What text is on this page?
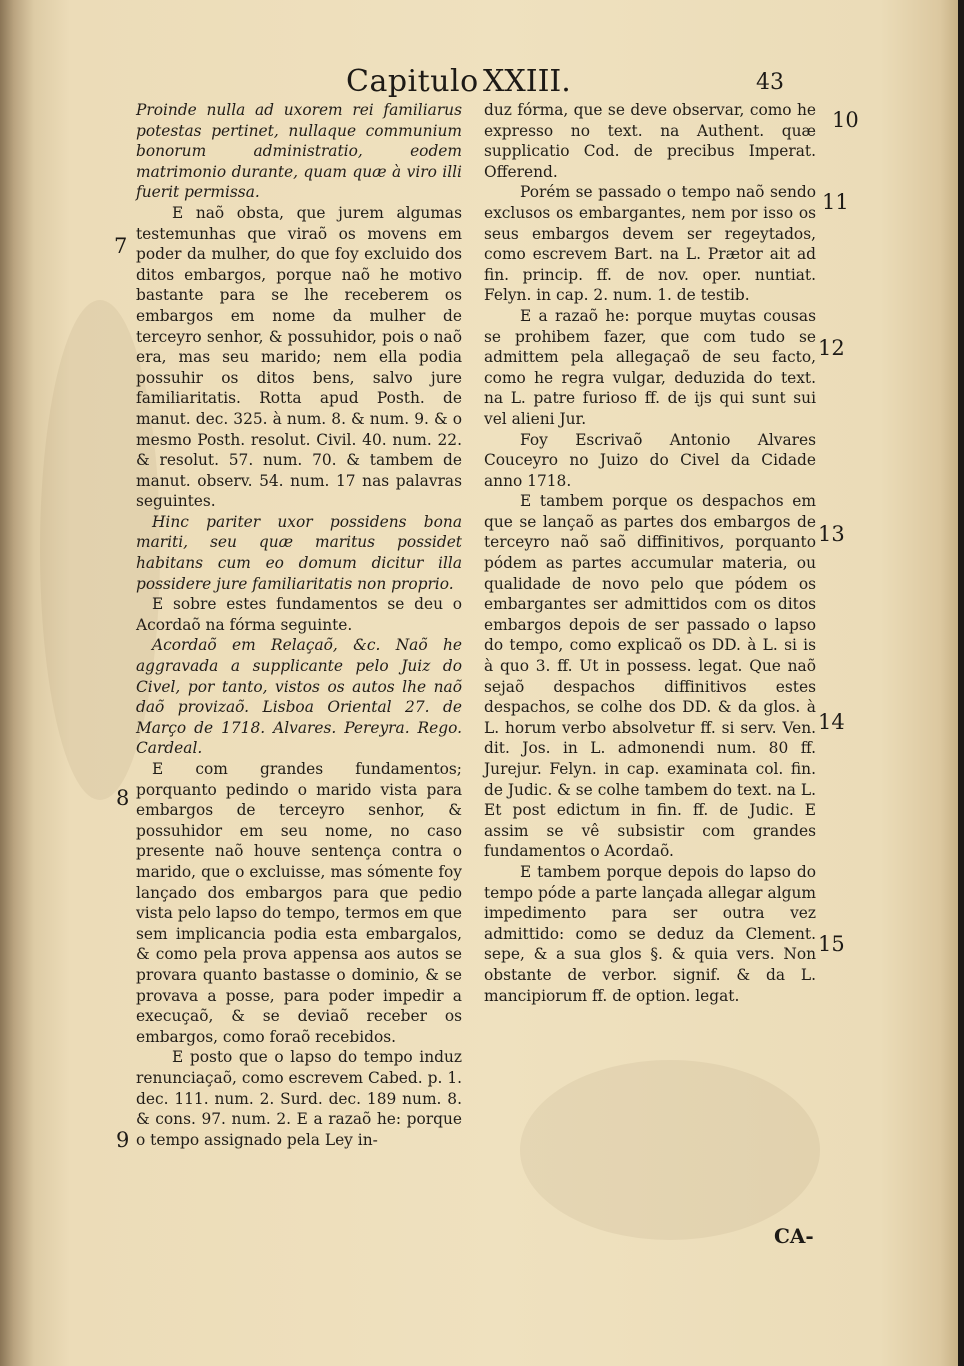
Capitulo XXIII.	43

Proinde nulla ad uxorem rei familiarus potestas pertinet, nullaque communium bonorum administratio, eodem matrimonio durante, quam quæ à viro illi fuerit permissa.

E naõ obsta, que jurem algumas testemunhas que viraõ os movens em poder da mulher, do que foy excluido dos ditos embargos, porque naõ he motivo bastante para se lhe receberem os embargos em nome da mulher de terceyro senhor, & possuhidor, pois o naõ era, mas seu marido; nem ella podia possuhir os ditos bens, salvo jure familiaritatis. Rotta apud Posth. de manut. dec. 325. à num. 8. & num. 9. & o mesmo Posth. resolut. Civil. 40. num. 22. & resolut. 57. num. 70. & tambem de manut. observ. 54. num. 17 nas palavras seguintes.

Hinc pariter uxor possidens bona mariti, seu quæ maritus possidet habitans cum eo domum dicitur illa possidere jure familiaritatis non proprio.

E sobre estes fundamentos se deu o Acordaõ na fórma seguinte.

Acordaõ em Relaçaõ, &c. Naõ he aggravada a supplicante pelo Juiz do Civel, por tanto, vistos os autos lhe naõ daõ provizaõ. Lisboa Oriental 27. de Março de 1718. Alvares. Pereyra. Rego. Cardeal.

E com grandes fundamentos; porquanto pedindo o marido vista para embargos de terceyro senhor, & possuhidor em seu nome, no caso presente naõ houve sentença contra o marido, que o excluisse, mas sómente foy lançado dos embargos para que pedio vista pelo lapso do tempo, termos em que sem implicancia podia esta embargalos, & como pela prova appensa aos autos se provara quanto bastasse o dominio, & se provava a posse, para poder impedir a execuçaõ, & se deviaõ receber os embargos, como foraõ recebidos.

E posto que o lapso do tempo induz renunciaçaõ, como escrevem Cabed. p. 1. dec. 111. num. 2. Surd. dec. 189 num. 8. & cons. 97. num. 2. E a razaõ he: porque o tempo assignado pela Ley in-

duz fórma, que se deve observar, como he expresso no text. na Authent. quæ supplicatio Cod. de precibus Imperat. Offerend.

Porém se passado o tempo naõ sendo exclusos os embargantes, nem por isso os seus embargos devem ser regeytados, como escrevem Bart. na L. Prætor ait ad fin. princip. ff. de nov. oper. nuntiat. Felyn. in cap. 2. num. 1. de testib.

E a razaõ he: porque muytas cousas se prohibem fazer, que com tudo se admittem pela allegaçaõ de seu facto, como he regra vulgar, deduzida do text. na L. patre furioso ff. de ijs qui sunt sui vel alieni Jur.

Foy Escrivaõ Antonio Alvares Couceyro no Juizo do Civel da Cidade anno 1718.

E tambem porque os despachos em que se lançaõ as partes dos embargos de terceyro naõ saõ diffinitivos, porquanto pódem as partes accumular materia, ou qualidade de novo pelo que pódem os embargantes ser admittidos com os ditos embargos depois de ser passado o lapso do tempo, como explicaõ os DD. à L. si is à quo 3. ff. Ut in possess. legat. Que naõ sejaõ despachos diffinitivos estes despachos, se colhe dos DD. & da glos. à L. horum verbo absolvetur ff. si serv. Ven. dit. Jos. in L. admonendi num. 80 ff. Jurejur. Felyn. in cap. examinata col. fin. de Judic. & se colhe tambem do text. na L. Et post edictum in fin. ff. de Judic. E assim se vê subsistir com grandes fundamentos o Acordaõ.

E tambem porque depois do lapso do tempo póde a parte lançada allegar algum impedimento para ser outra vez admittido: como se deduz da Clement. sepe, & a sua glos §. & quia vers. Non obstante de verbor. signif. & da L. mancipiorum ff. de option. legat.

7
8
9
10
11
12
13
14
15
CA-
